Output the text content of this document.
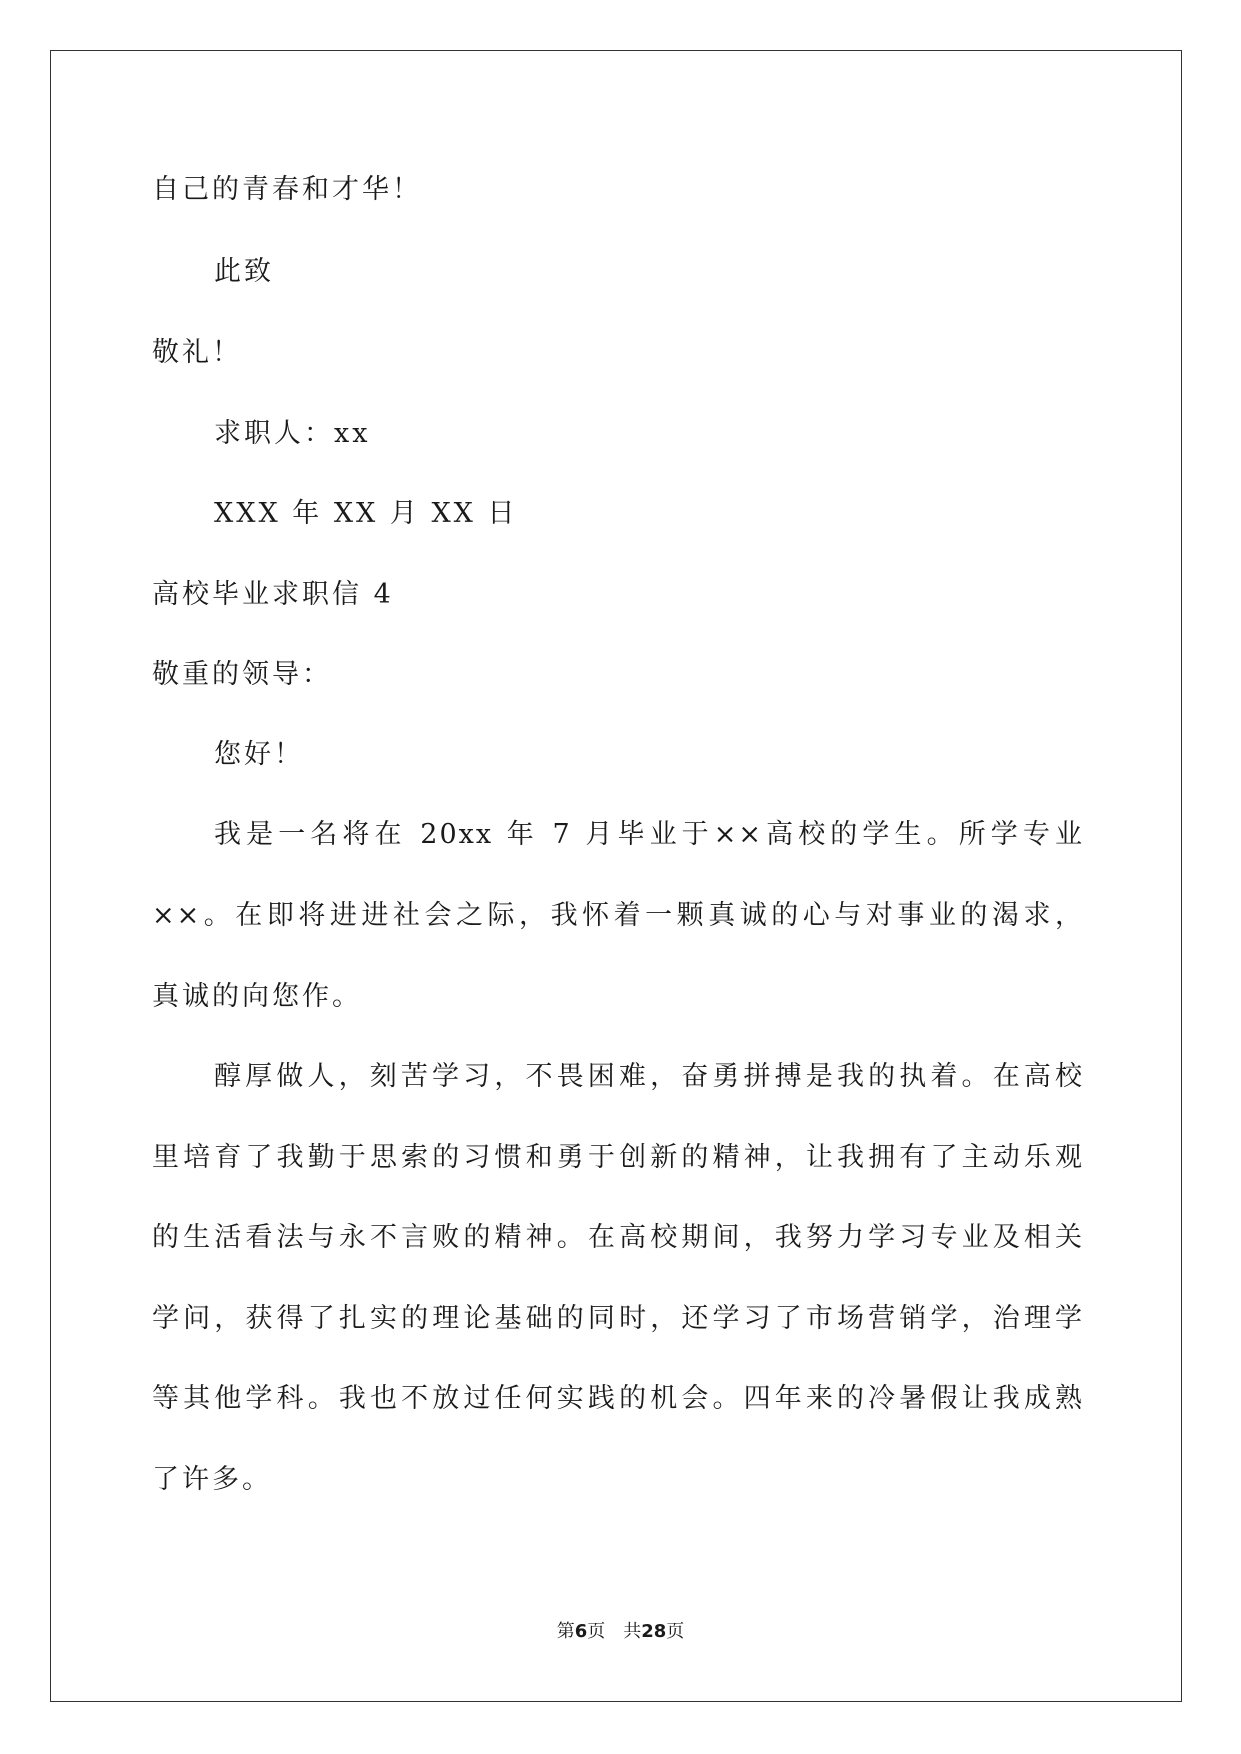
自己的青春和才华！
此致
敬礼！
求职人：xx
XXX 年 XX 月 XX 日
高校毕业求职信 4
敬重的领导：
您好！
我是一名将在 20xx 年 7 月毕业于××高校的学生。所学专业
××。在即将进进社会之际，我怀着一颗真诚的心与对事业的渴求，
真诚的向您作。
醇厚做人，刻苦学习，不畏困难，奋勇拼搏是我的执着。在高校
里培育了我勤于思索的习惯和勇于创新的精神，让我拥有了主动乐观
的生活看法与永不言败的精神。在高校期间，我努力学习专业及相关
学问，获得了扎实的理论基础的同时，还学习了市场营销学，治理学
等其他学科。我也不放过任何实践的机会。四年来的冷暑假让我成熟
了许多。
第6页 共28页
